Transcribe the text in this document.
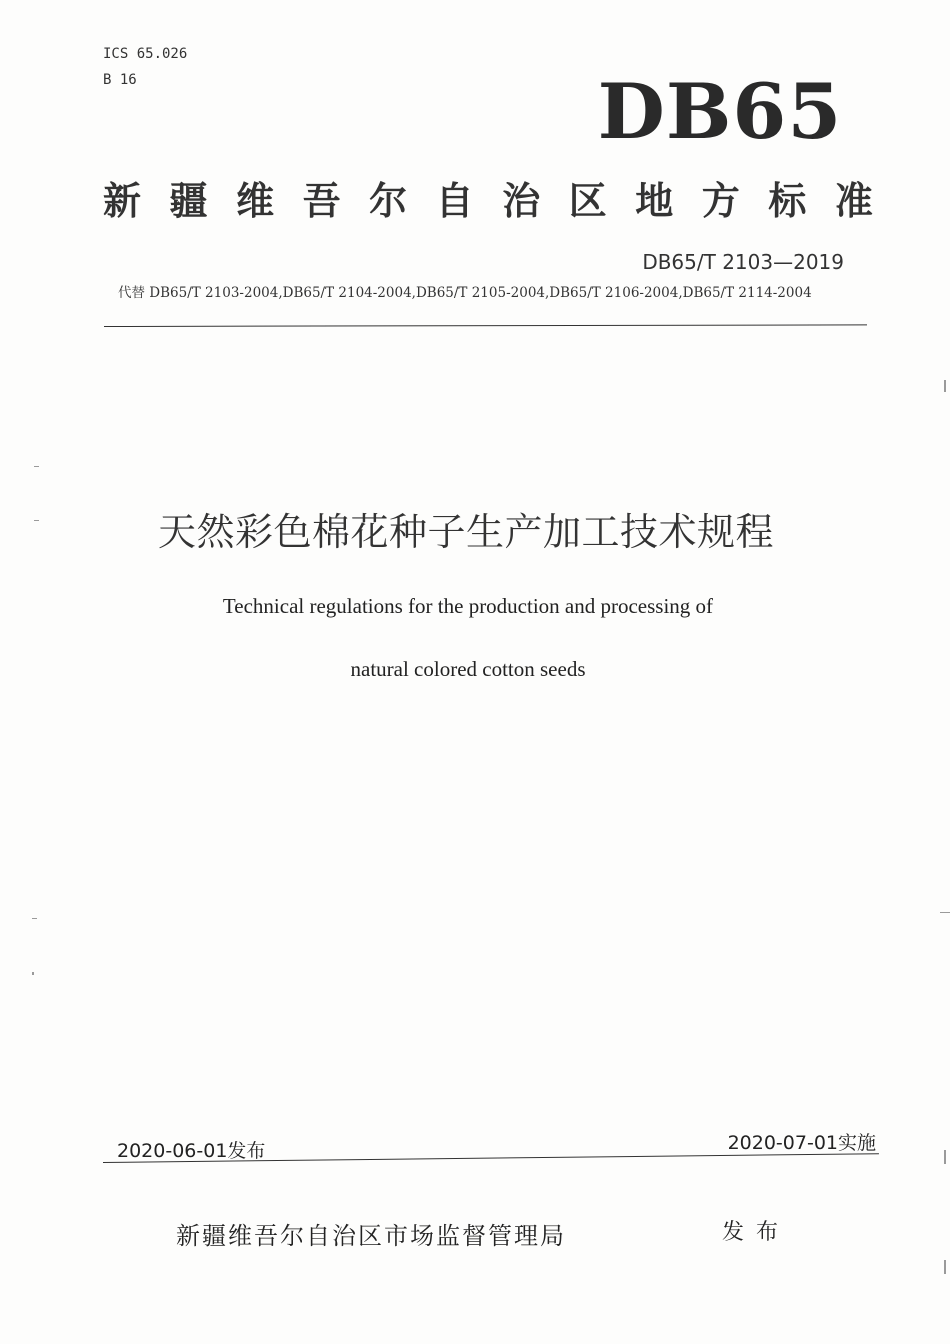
ICS 65.026
B 16	DB65
新 疆 维 吾 尔 自 治 区 地 方 标 准
DB65/T 2103—2019
代替 DB65/T 2103-2004,DB65/T 2104-2004,DB65/T 2105-2004,DB65/T 2106-2004,DB65/T 2114-2004
天然彩色棉花种子生产加工技术规程
Technical regulations for the production and processing of
natural colored cotton seeds
2020-06-01发布	2020-07-01实施
新疆维吾尔自治区市场监督管理局	发布
